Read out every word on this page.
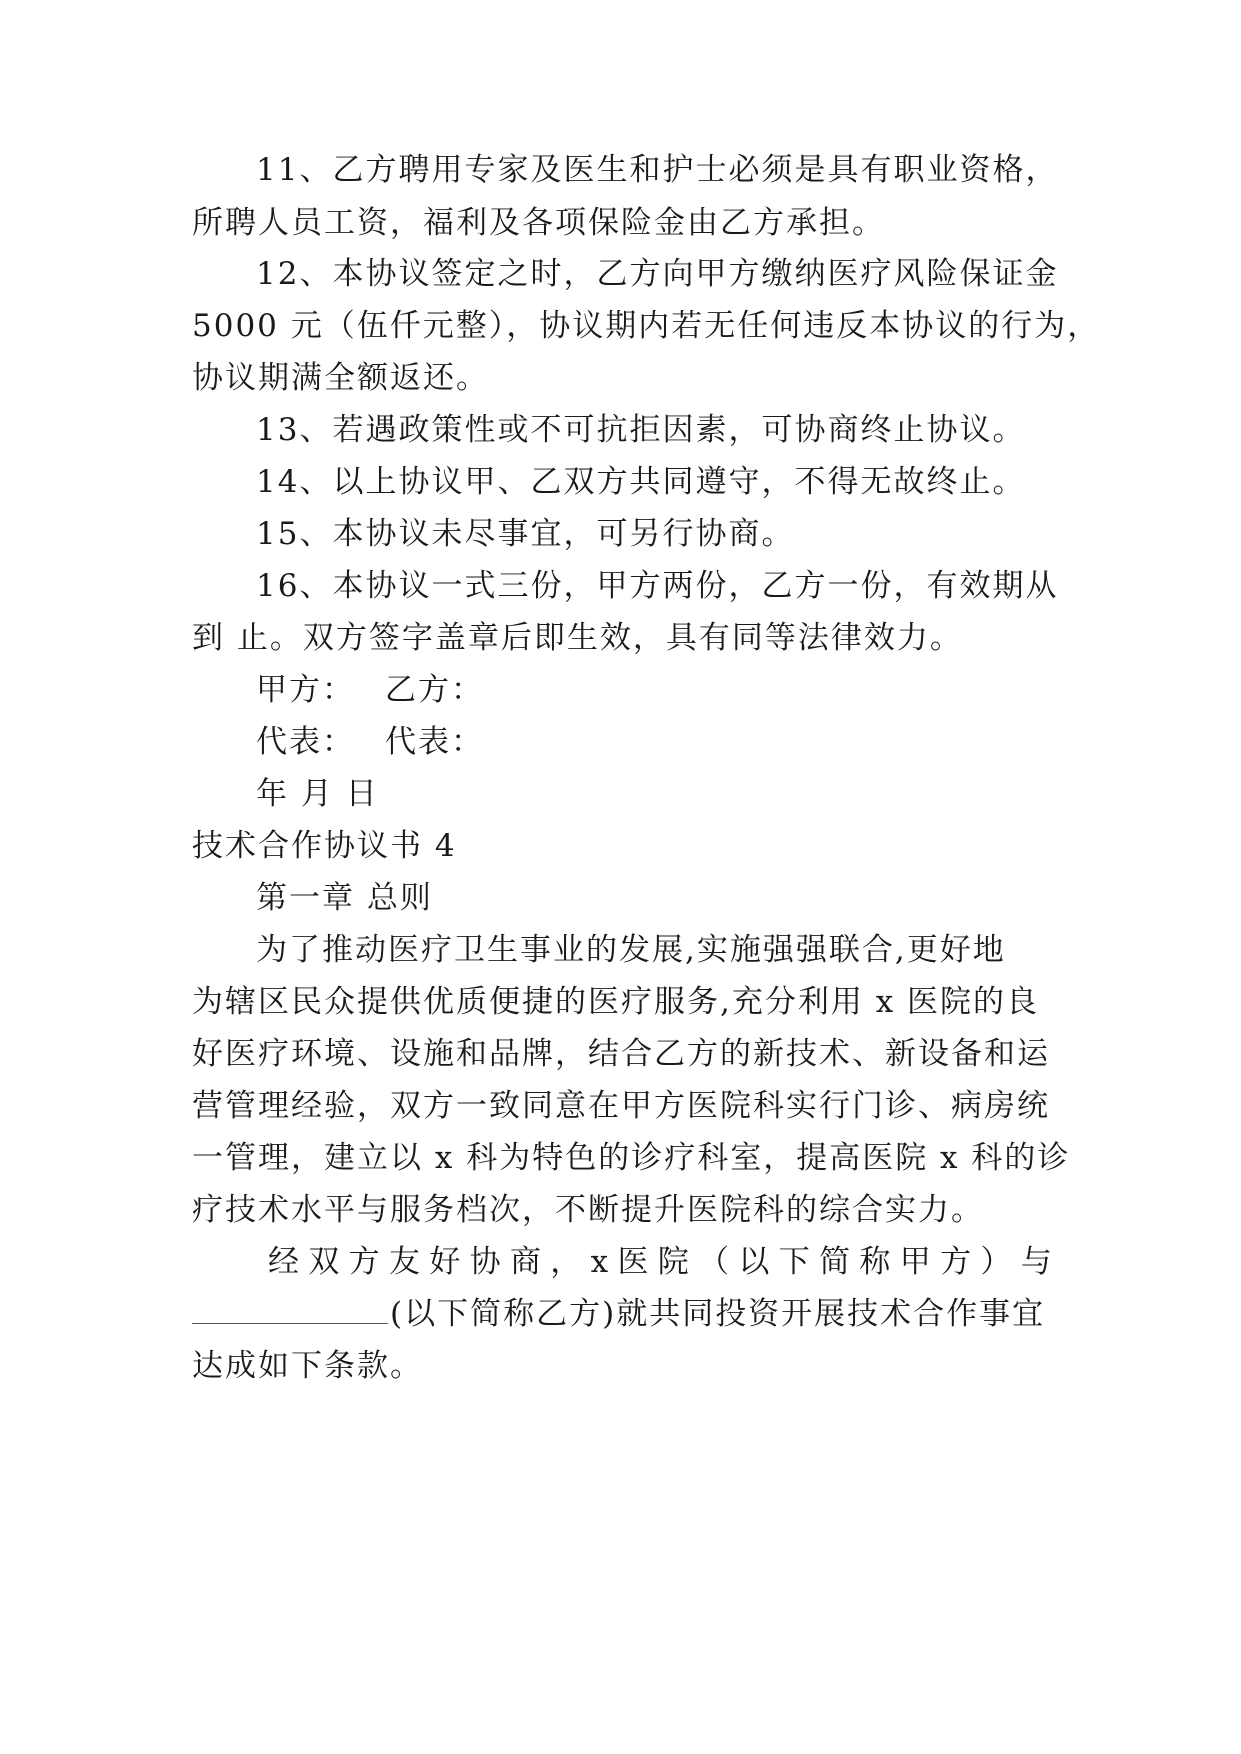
11、乙方聘用专家及医生和护士必须是具有职业资格，
所聘人员工资，福利及各项保险金由乙方承担。
12、本协议签定之时，乙方向甲方缴纳医疗风险保证金
5000 元（伍仟元整），协议期内若无任何违反本协议的行为，
协议期满全额返还。
13、若遇政策性或不可抗拒因素，可协商终止协议。
14、以上协议甲、乙双方共同遵守，不得无故终止。
15、本协议未尽事宜，可另行协商。
16、本协议一式三份，甲方两份，乙方一份，有效期从
到 止。双方签字盖章后即生效，具有同等法律效力。
甲方： 乙方：
代表： 代表：
年 月 日
技术合作协议书 4
第一章 总则
为了推动医疗卫生事业的发展,实施强强联合,更好地
为辖区民众提供优质便捷的医疗服务,充分利用 x 医院的良
好医疗环境、设施和品牌，结合乙方的新技术、新设备和运
营管理经验，双方一致同意在甲方医院科实行门诊、病房统
一管理，建立以 x 科为特色的诊疗科室，提高医院 x 科的诊
疗技术水平与服务档次，不断提升医院科的综合实力。
经 双 方 友 好 协 商 ， x 医 院 （ 以 下 简 称 甲 方 ） 与
(以下简称乙方)就共同投资开展技术合作事宜
达成如下条款。
